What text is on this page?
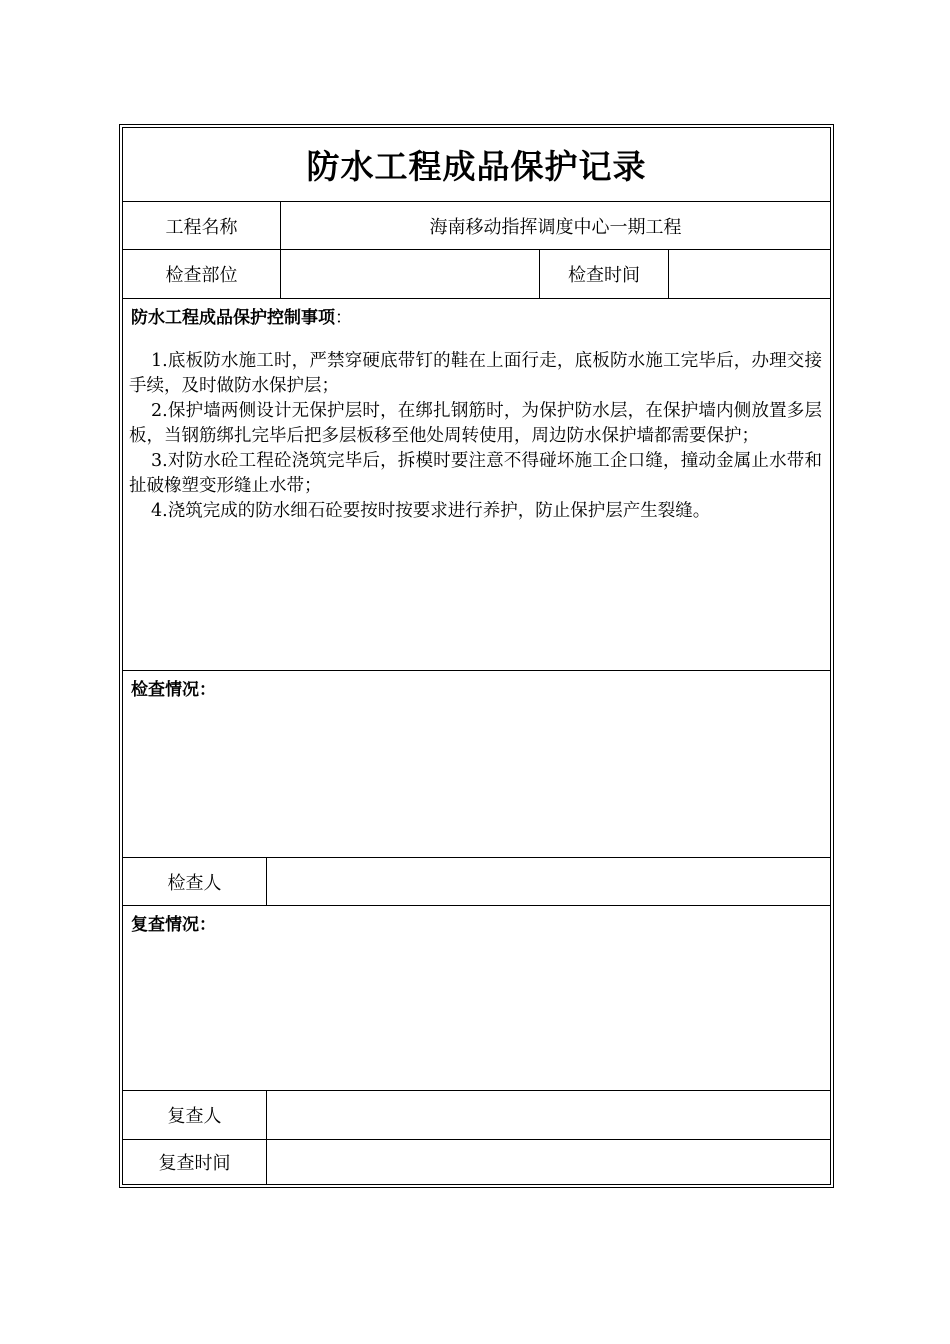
防水工程成品保护记录
工程名称	海南移动指挥调度中心一期工程
检查部位	检查时间
防水工程成品保护控制事项：

1.底板防水施工时，严禁穿硬底带钉的鞋在上面行走，底板防水施工完毕后，办理交接手续，及时做防水保护层；

2.保护墙两侧设计无保护层时，在绑扎钢筋时，为保护防水层，在保护墙内侧放置多层板，当钢筋绑扎完毕后把多层板移至他处周转使用，周边防水保护墙都需要保护；

3.对防水砼工程砼浇筑完毕后，拆模时要注意不得碰坏施工企口缝，撞动金属止水带和扯破橡塑变形缝止水带；

4.浇筑完成的防水细石砼要按时按要求进行养护，防止保护层产生裂缝。

检查情况：
检查人
复查情况：
复查人
复查时间
